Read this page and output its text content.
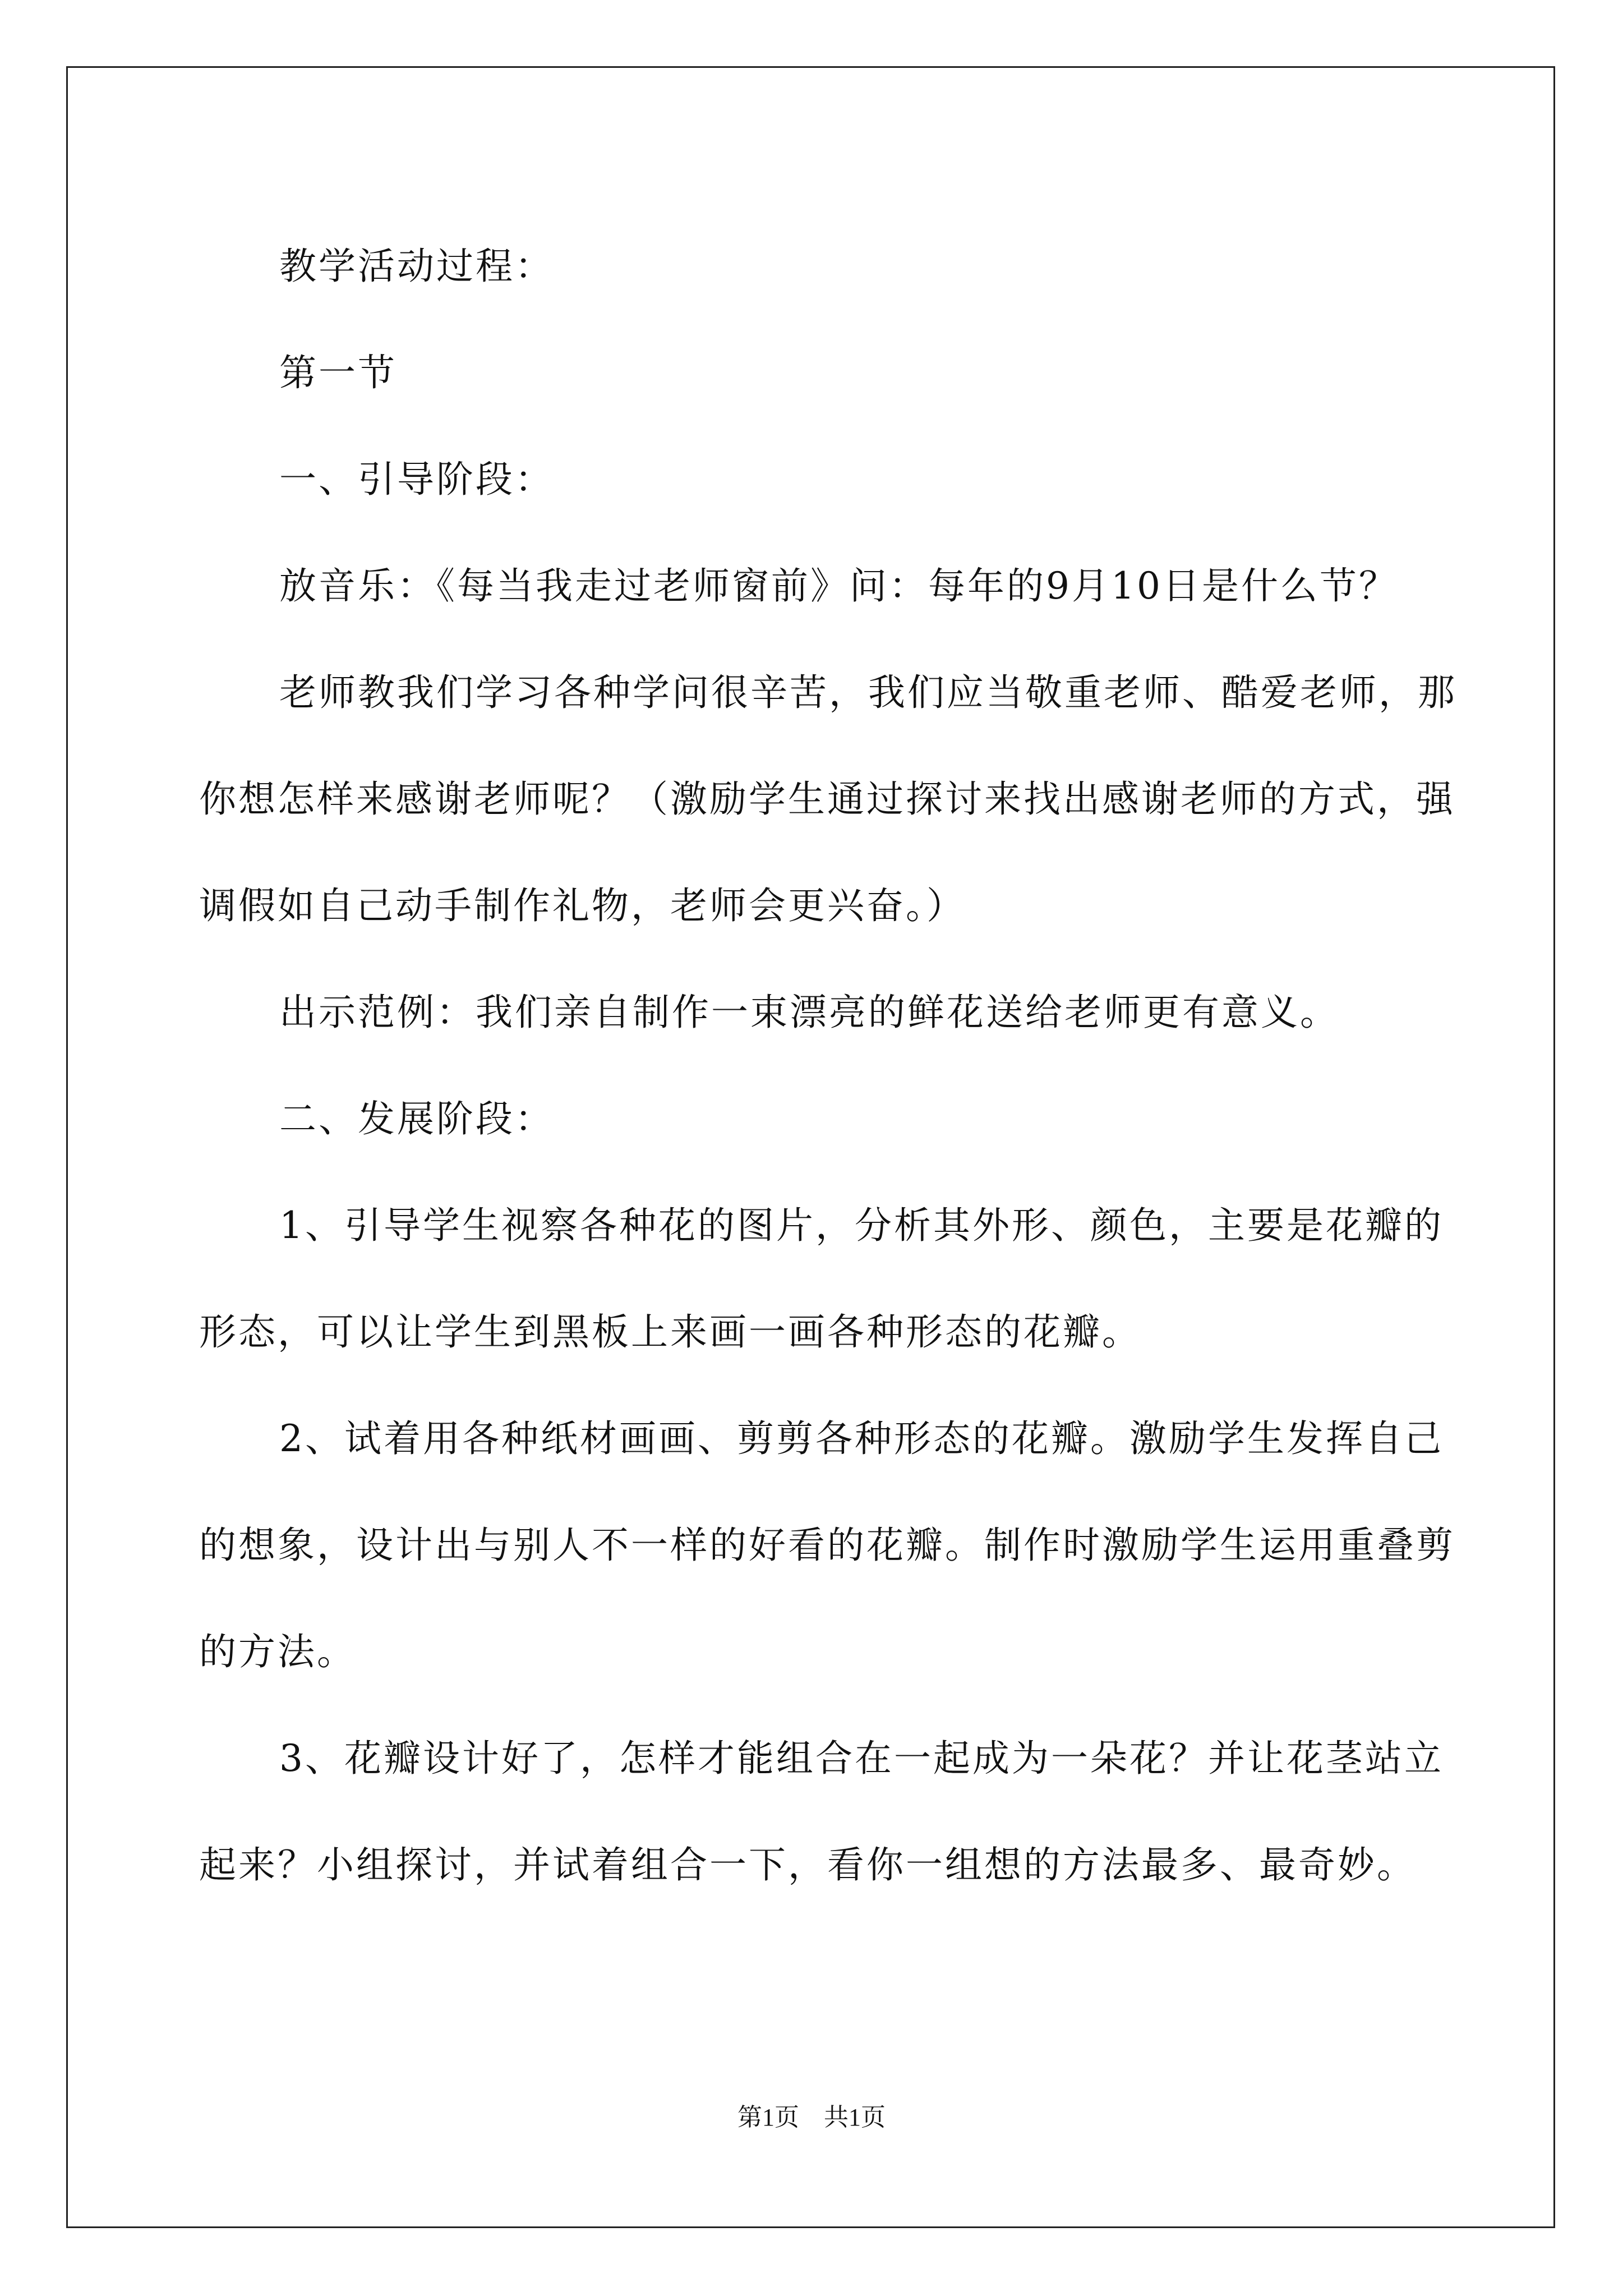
教学活动过程：

第一节

一、引导阶段：

放音乐：《每当我走过老师窗前》问：每年的9月10日是什么节？

老师教我们学习各种学问很辛苦，我们应当敬重老师、酷爱老师，那你想怎样来感谢老师呢？（激励学生通过探讨来找出感谢老师的方式，强调假如自己动手制作礼物，老师会更兴奋。）

出示范例：我们亲自制作一束漂亮的鲜花送给老师更有意义。

二、发展阶段：

1、引导学生视察各种花的图片，分析其外形、颜色，主要是花瓣的形态，可以让学生到黑板上来画一画各种形态的花瓣。

2、试着用各种纸材画画、剪剪各种形态的花瓣。激励学生发挥自己的想象，设计出与别人不一样的好看的花瓣。制作时激励学生运用重叠剪的方法。

3、花瓣设计好了，怎样才能组合在一起成为一朵花？并让花茎站立起来？小组探讨，并试着组合一下，看你一组想的方法最多、最奇妙。

第1页　共1页
